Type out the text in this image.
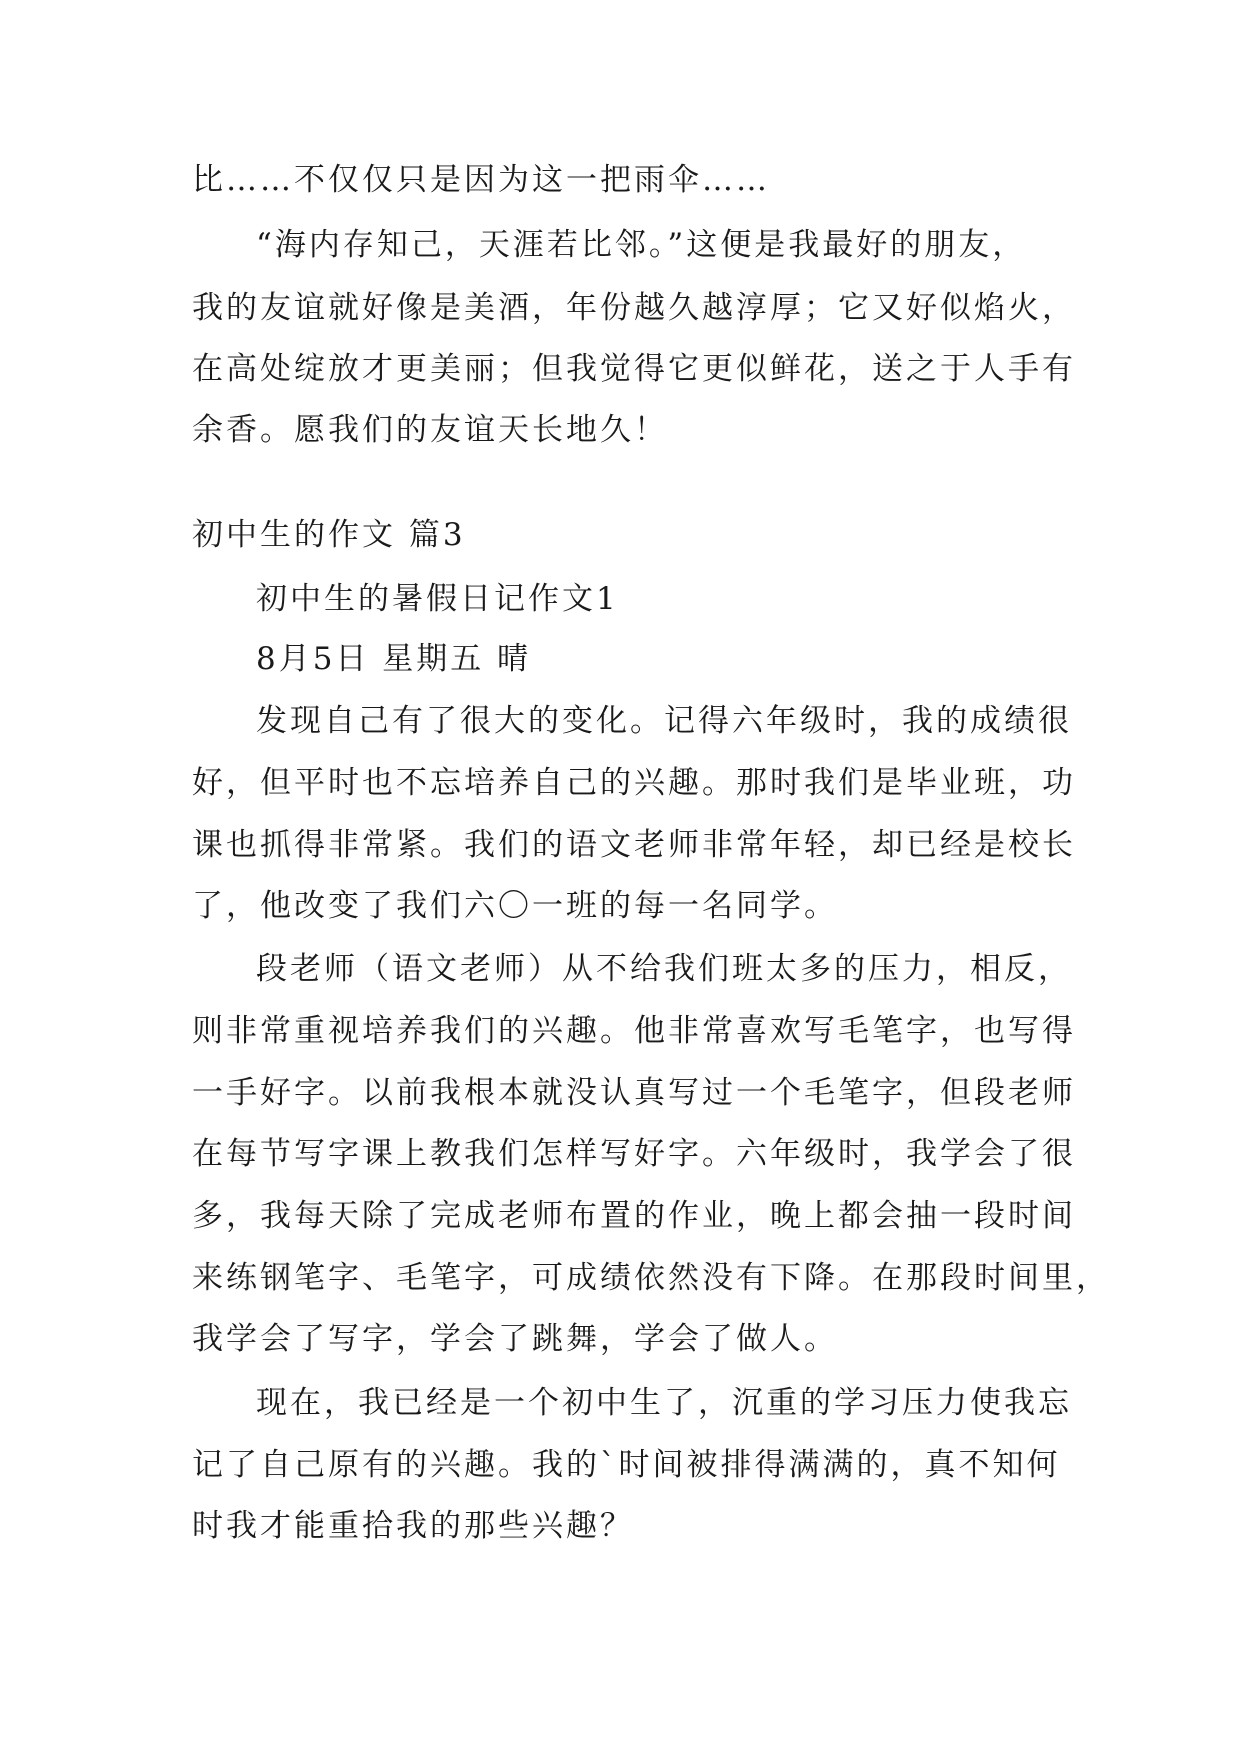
比……不仅仅只是因为这一把雨伞……

“海内存知己，天涯若比邻。”这便是我最好的朋友，

我的友谊就好像是美酒，年份越久越淳厚；它又好似焰火，

在高处绽放才更美丽；但我觉得它更似鲜花，送之于人手有

余香。愿我们的友谊天长地久！

初中生的作文 篇3

初中生的暑假日记作文1

8月5日 星期五 晴

发现自己有了很大的变化。记得六年级时，我的成绩很

好，但平时也不忘培养自己的兴趣。那时我们是毕业班，功

课也抓得非常紧。我们的语文老师非常年轻，却已经是校长

了，他改变了我们六〇一班的每一名同学。

段老师（语文老师）从不给我们班太多的压力，相反，

则非常重视培养我们的兴趣。他非常喜欢写毛笔字，也写得

一手好字。以前我根本就没认真写过一个毛笔字，但段老师

在每节写字课上教我们怎样写好字。六年级时，我学会了很

多，我每天除了完成老师布置的作业，晚上都会抽一段时间

来练钢笔字、毛笔字，可成绩依然没有下降。在那段时间里，

我学会了写字，学会了跳舞，学会了做人。

现在，我已经是一个初中生了，沉重的学习压力使我忘

记了自己原有的兴趣。我的`时间被排得满满的，真不知何

时我才能重拾我的那些兴趣？
